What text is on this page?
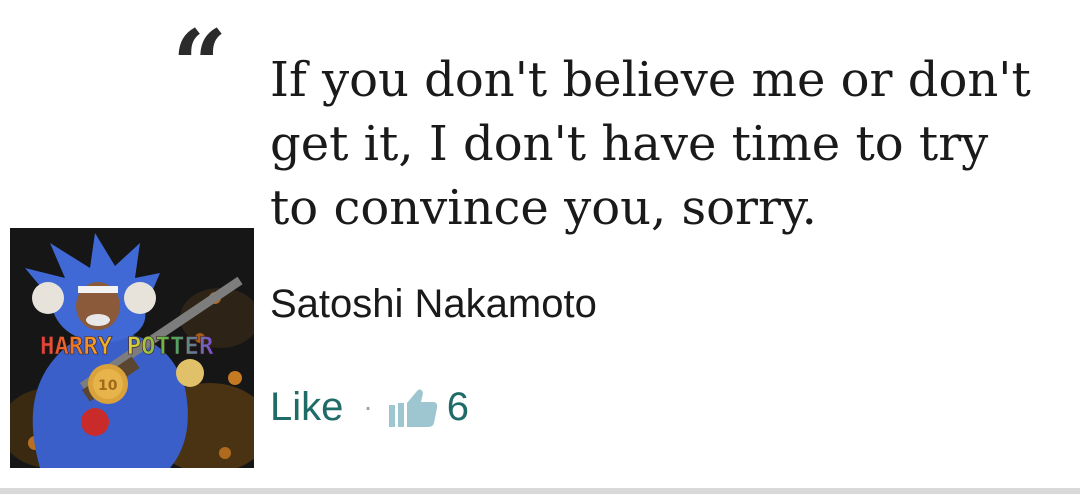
“ If you don't believe me or don't get it, I don't have time to try to convince you, sorry.
HARRY POTTER
10
Satoshi Nakamoto
Like · 6
